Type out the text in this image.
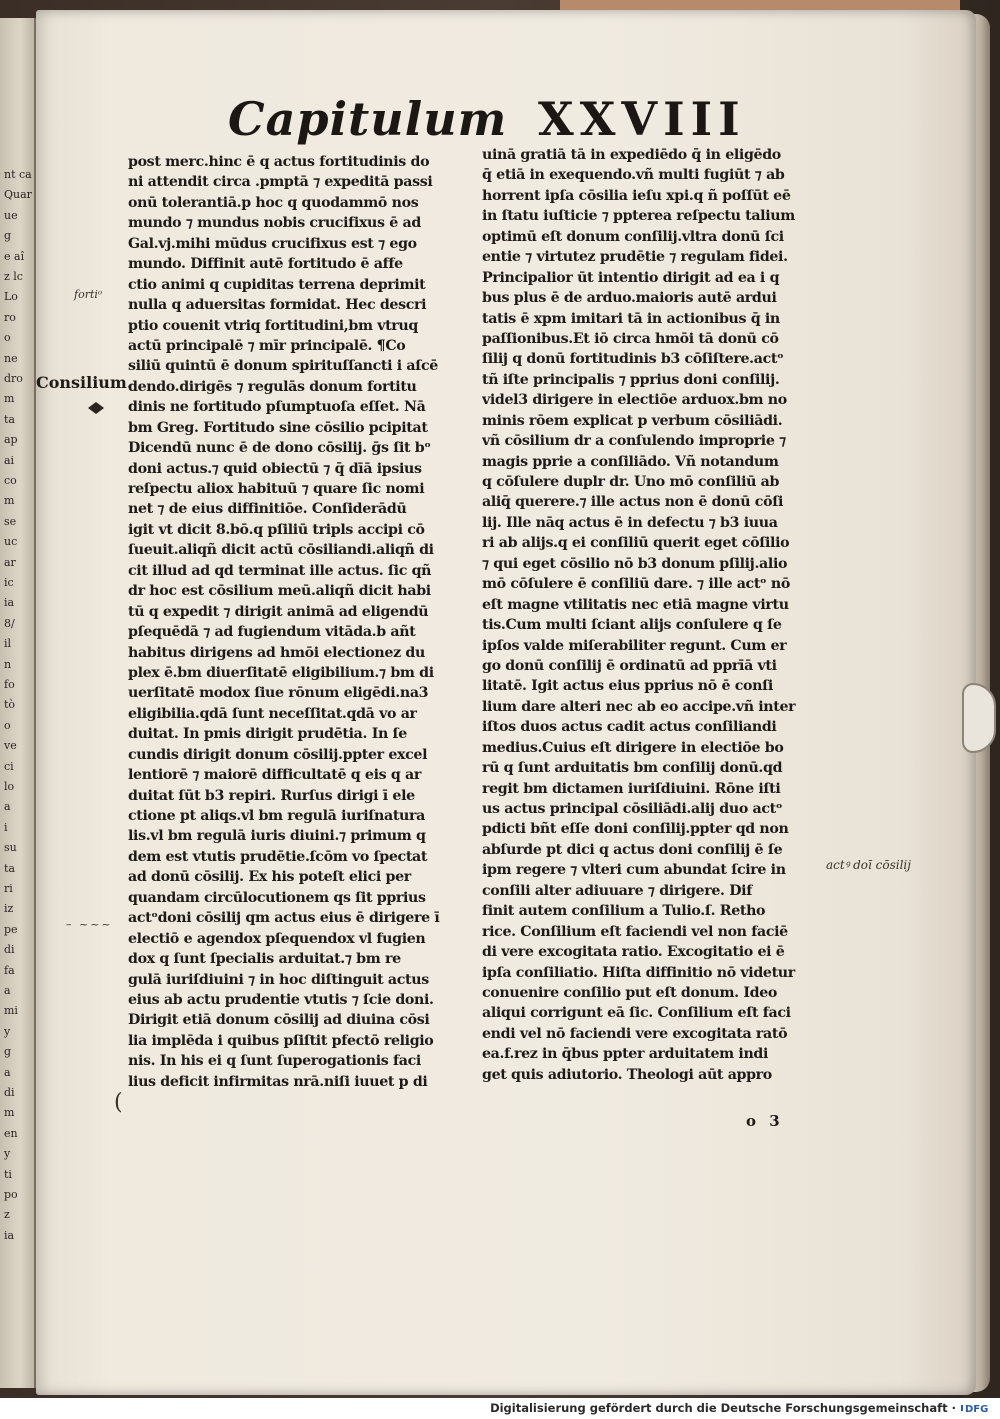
nt ca
Quar
ue
g
e aî
z lc
Lo
ro
o
ne
dro
m
ta
ap
ai
co
m
se
uc
ar
ic
ia
8/
il
n
fo
tò
o
ve
ci
lo
a
i
su
ta
ri
iz
pe
di
fa
a
mi
y
g
a
di
m
en
y
ti
po
z
ia
Capitulum XXVIII
post merc.hinc ē q actus fortitudinis do
ni attendit circa .pmptā ⁊ expeditā passi
onū tolerantiā.p hoc q quodammō nos
mundo ⁊ mundus nobis crucifixus ē ad
Gal.vj.mihi mūdus crucifixus est ⁊ ego
mundo. Diffinit autē fortitudo ē affe
ctio animi q cupiditas terrena deprimit
nulla q aduersitas formidat. Hec descri
ptio couenit vtriq fortitudini,bm vtruq
actū principalē ⁊ mīr principalē. ¶Co
siliū quintū ē donum spirituſſancti i aſcē
dendo.dirigēs ⁊ regulās donum fortitu
dinis ne fortitudo pſumptuoſa eſſet. Nā
bm Greg. Fortitudo sine cōsilio pcipitat
Dicendū nunc ē de dono cōsilij. ḡs ſit bᵒ
doni actus.⁊ quid obiectū ⁊ q̄ dīā ipsius
reſpectu aliox habituū ⁊ quare ſic nomi
net ⁊ de eius diffinitiōe. Conſiderādū
igit vt dicit 8.bō.q pſiliū tripls accipi cō
ſueuit.aliqñ dicit actū cōsiliandi.aliqñ di
cit illud ad qd terminat ille actus. ſic qñ
dr hoc est cōsilium meū.aliqñ dicit habi
tū q expedit ⁊ dirigit animā ad eligendū
pſequēdā ⁊ ad fugiendum vitāda.b añt
habitus dirigens ad hmōi electionez du
plex ē.bm diuerſitatē eligibilium.⁊ bm di
uerſitatē modox ſiue rōnum eligēdi.na3
eligibilia.qdā ſunt neceſſitat.qdā vo ar
duitat. In pmis dirigit prudētia. In ſe
cundis dirigit donum cōsilij.ppter excel
lentiorē ⁊ maiorē difficultatē q eis q ar
duitat ſūt b3 repiri. Rurſus dirigi ī ele
ctione pt aliqs.vl bm regulā iuriſnatura
lis.vl bm regulā iuris diuini.⁊ primum q
dem est vtutis prudētie.ſcōm vo ſpectat
ad donū cōsilij. Ex his poteſt elici per
quandam circūlocutionem qs ſit pprius
actᵒdoni cōsilij qm actus eius ē dirigere ī
electiō e agendox pſequendox vl fugien
dox q ſunt ſpecialis arduitat.⁊ bm re
gulā iuriſdiuini ⁊ in hoc diſtinguit actus
eius ab actu prudentie vtutis ⁊ ſcie doni.
Dirigit etiā donum cōsilij ad diuina cōsi
lia implēda i quibus pſiſtit pfectō religio
nis. In his ei q ſunt ſuperogationis faci
lius deficit infirmitas nrā.niſi iuuet p di
uinā gratiā tā in expediēdo q̄ in eligēdo
q̄ etiā in exequendo.vñ multi fugiūt ⁊ ab
horrent ipſa cōsilia ieſu xpi.q ñ poſſūt eē
in ſtatu iuſticie ⁊ ppterea reſpectu talium
optimū eſt donum conſilij.vltra donū ſci
entie ⁊ virtutez prudētie ⁊ regulam fidei.
Principalior ūt intentio dirigit ad ea i q
bus plus ē de arduo.maioris autē ardui
tatis ē xpm imitari tā in actionibus q̄ in
paſſionibus.Et iō circa hmōi tā donū cō
ſilij q donū fortitudinis b3 cōſiſtere.actᵒ
tñ iſte principalis ⁊ pprius doni conſilij.
videl3 dirigere in electiōe arduox.bm no
minis rōem explicat p verbum cōsiliādi.
vñ cōsilium dr a conſulendo improprie ⁊
magis pprie a conſiliādo. Vñ notandum
q cōſulere duplr dr. Uno mō conſiliū ab
aliq̄ querere.⁊ ille actus non ē donū cōſi
lij. Ille nāq actus ē in defectu ⁊ b3 iuua
ri ab alijs.q ei conſiliū querit eget cōſilio
⁊ qui eget cōsilio nō b3 donum pſilij.alio
mō cōſulere ē conſiliū dare. ⁊ ille actᵒ nō
eſt magne vtilitatis nec etiā magne virtu
tis.Cum multi ſciant alijs conſulere q ſe
ipſos valde miſerabiliter regunt. Cum er
go donū conſilij ē ordinatū ad pprīā vti
litatē. Igit actus eius pprius nō ē conſi
lium dare alteri nec ab eo accipe.vñ inter
iſtos duos actus cadit actus conſiliandi
medius.Cuius eſt dirigere in electiōe bo
rū q ſunt arduitatis bm conſilij donū.qd
regit bm dictamen iuriſdiuini. Rōne iſti
us actus principal cōsiliādi.alij duo actᵒ
pdicti bñt eſſe doni conſilij.ppter qd non
abſurde pt dici q actus doni conſilij ē ſe
ipm regere ⁊ vlteri cum abundat ſcire in
conſili alter adiuuare ⁊ dirigere. Dif
finit autem conſilium a Tulio.ſ. Retho
rice. Conſilium eſt faciendi vel non faciē
di vere excogitata ratio. Excogitatio ei ē
ipſa conſiliatio. Hiſta diffinitio nō videtur
conuenire conſilio put eſt donum. Ideo
aliqui corrigunt eā ſic. Conſilium eſt faci
endi vel nō faciendi vere excogitata ratō
ea.f.rez in q̄bus ppter arduitatem indi
get quis adiutorio. Theologi aūt appro
fortiᵒ
Consilium.
– ~~~
actꝰ doī cōsilij
(
o 3
Digitalisierung gefördert durch die Deutsche Forschungsgemeinschaft · DFG
